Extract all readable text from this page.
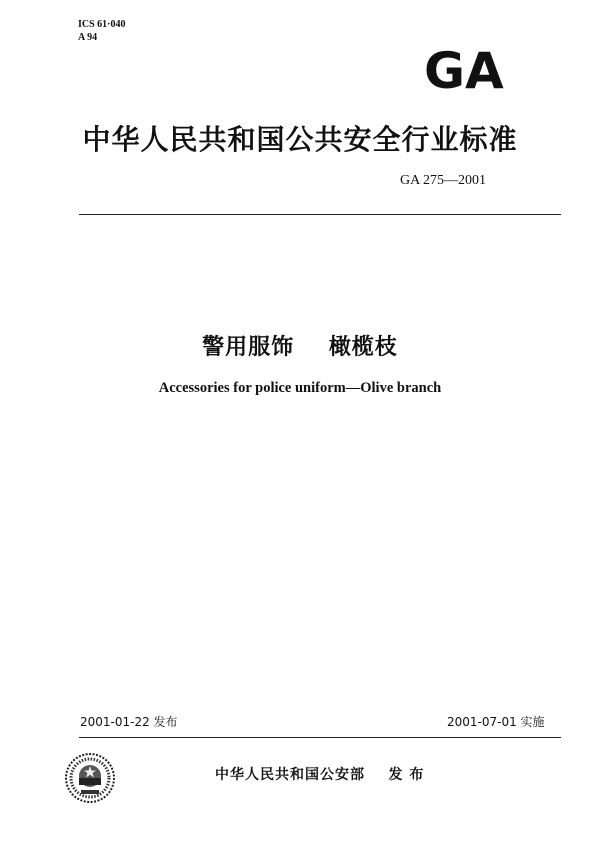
ICS 61·040
A 94
GA
中华人民共和国公共安全行业标准
GA 275—2001
警用服饰    橄榄枝
Accessories for police uniform—Olive branch
2001-01-22 发布	2001-07-01 实施
中华人民共和国公安部    发 布
